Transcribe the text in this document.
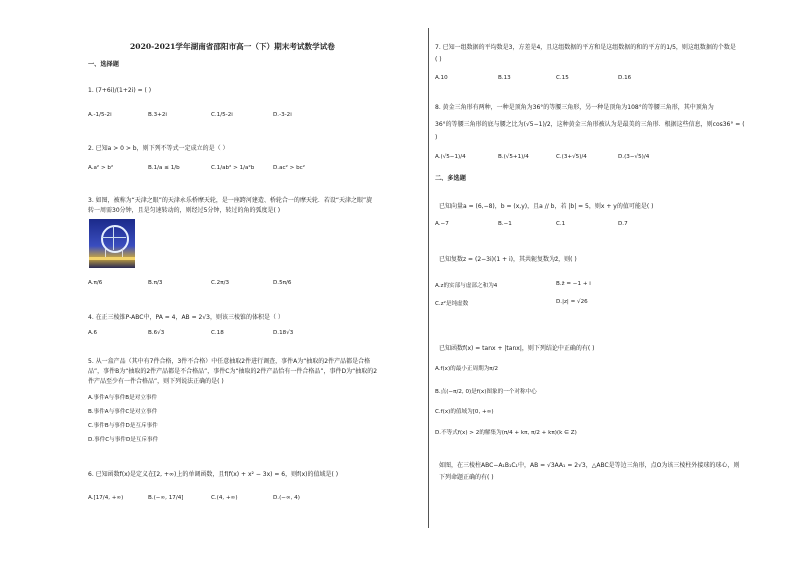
2020-2021学年湖南省邵阳市高一（下）期末考试数学试卷
一、选择题
1. (7+6i)/(1+2i) = ( )
A.-1/5-2i	B.3+2i	C.1/5-2i	D.-3-2i
2. 已知a > 0 > b，则下列不等式一定成立的是（ ）
A.a² > b²	B.1/a ≤ 1/b	C.1/ab² > 1/a²b	D.ac² > bc²
3. 如图，被称为“天津之眼”的天津永乐桥摩天轮，是一座跨河建造、桥轮合一的摩天轮．若设“天津之眼”旋
转一周需30分钟，且是匀速转动的，则经过5分钟，转过的角的弧度是( )
A.π/6	B.π/3	C.2π/3	D.5π/6
4. 在正三棱锥P-ABC中，PA = 4，AB = 2√3，则该三棱锥的体积是（ ）
A.6	B.6√3	C.18	D.18√3
5. 从一盒产品（其中有7件合格，3件不合格）中任意抽取2件进行调查，事件A为“抽取的2件产品都是合格
品”，事件B为“抽取的2件产品都是不合格品”，事件C为“抽取的2件产品恰有一件合格品”，事件D为“抽取的2
件产品至少有一件合格品”，则下列说法正确的是( )
A.事件A与事件B是对立事件
B.事件A与事件C是对立事件
C.事件B与事件D是互斥事件
D.事件C与事件D是互斥事件
6. 已知函数f(x)是定义在[2, +∞)上的单调函数，且f(f(x) + x² − 3x) = 6，则f(x)的值域是( )
A.[17/4, +∞)	B.(−∞, 17/4]	C.(4, +∞)	D.(−∞, 4)
7. 已知一组数据的平均数是3，方差是4，且这组数据的平方和是这组数据的和的平方的1/5，则这组数据的个数是
( )
A.10	B.13	C.15	D.16
8. 黄金三角形有两种，一种是顶角为36°的等腰三角形，另一种是顶角为108°的等腰三角形，其中顶角为
36°的等腰三角形的底与腰之比为(√5−1)/2，这种黄金三角形被认为是最美的三角形．根据这些信息，则cos36° = (
)
A.(√5−1)/4	B.(√5+1)/4	C.(3+√5)/4	D.(3−√5)/4
二、多选题
已知向量a = (6,−8)，b = (x,y)，且a // b，若 |b| = 5，则x + y的值可能是( )
A.−7	B.−1	C.1	D.7
已知复数z = (2−3i)(1 + i)，其共轭复数为z̄，则( )
A.z的实部与虚部之和为4	B.z̄ = −1 + i
C.z²是纯虚数	D.|z| = √26
已知函数f(x) = tanx + |tanx|，则下列结论中正确的有( )
A.f(x)的最小正周期为π/2
B.点(−π/2, 0)是f(x)图象的一个对称中心
C.f(x)的值域为[0, +∞)
D.不等式f(x) > 2的解集为(π/4 + kπ, π/2 + kπ)(k ∈ Z)
如图，在三棱柱ABC−A₁B₁C₁中，AB = √3AA₁ = 2√3，△ABC是等边三角形，点O为该三棱柱外接球的球心，则
下列命题正确的有( )
